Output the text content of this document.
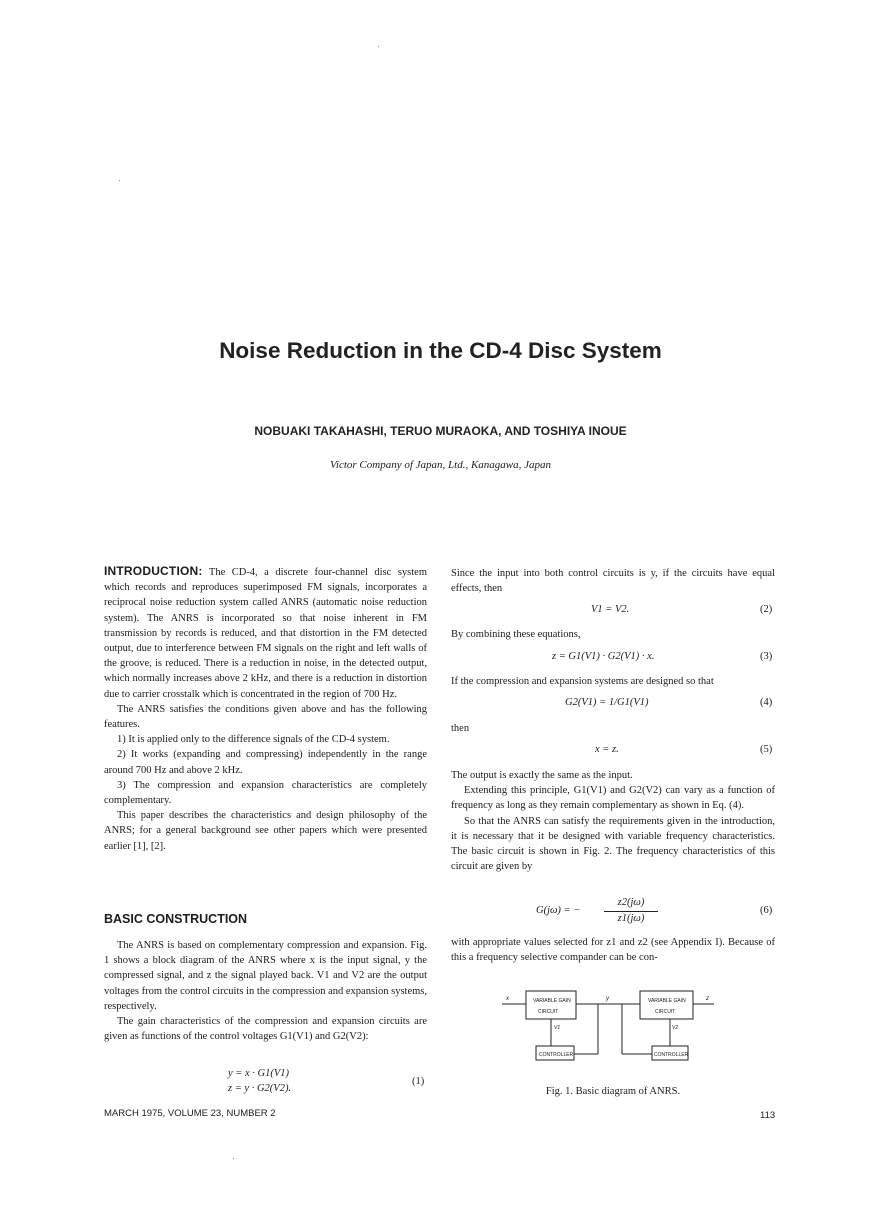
Noise Reduction in the CD-4 Disc System
NOBUAKI TAKAHASHI, TERUO MURAOKA, AND TOSHIYA INOUE
Victor Company of Japan, Ltd., Kanagawa, Japan

INTRODUCTION: The CD-4, a discrete four-channel disc system which records and reproduces superimposed FM signals, incorporates a reciprocal noise reduction system called ANRS (automatic noise reduction system). The ANRS is incorporated so that noise inherent in FM transmission by records is reduced, and that distortion in the FM detected output, due to interference between FM signals on the right and left walls of the groove, is reduced. There is a reduction in noise, in the detected output, which normally increases above 2 kHz, and there is a reduction in distortion due to carrier crosstalk which is concentrated in the region of 700 Hz.

The ANRS satisfies the conditions given above and has the following features.

1) It is applied only to the difference signals of the CD-4 system.

2) It works (expanding and compressing) independently in the range around 700 Hz and above 2 kHz.

3) The compression and expansion characteristics are completely complementary.

This paper describes the characteristics and design philosophy of the ANRS; for a general background see other papers which were presented earlier [1], [2].

BASIC CONSTRUCTION

The ANRS is based on complementary compression and expansion. Fig. 1 shows a block diagram of the ANRS where x is the input signal, y the compressed signal, and z the signal played back. V1 and V2 are the output voltages from the control circuits in the compression and expansion systems, respectively.

The gain characteristics of the compression and expansion circuits are given as functions of the control voltages G1(V1) and G2(V2):

y = x · G1(V1)
z = y · G2(V2).
(1)

Since the input into both control circuits is y, if the circuits have equal effects, then

V1 = V2.	(2)

By combining these equations,

z = G1(V1) · G2(V1) · x.	(3)

If the compression and expansion systems are designed so that

G2(V1) = 1/G1(V1)	(4)

then

x = z.	(5)

The output is exactly the same as the input.

Extending this principle, G1(V1) and G2(V2) can vary as a function of frequency as long as they remain complementary as shown in Eq. (4).

So that the ANRS can satisfy the requirements given in the introduction, it is necessary that it be designed with variable frequency characteristics. The basic circuit is shown in Fig. 2. The frequency characteristics of this circuit are given by

G(jω) = −
z2(jω)
z1(jω)
(6)

with appropriate values selected for z1 and z2 (see Appendix I). Because of this a frequency selective compander can be con-

x	y	z
VARIABLE GAIN
CIRCUIT
VARIABLE GAIN
CIRCUIT
CONTROLLER	CONTROLLER
V1	V2
Fig. 1. Basic diagram of ANRS.
MARCH 1975, VOLUME 23, NUMBER 2	113
